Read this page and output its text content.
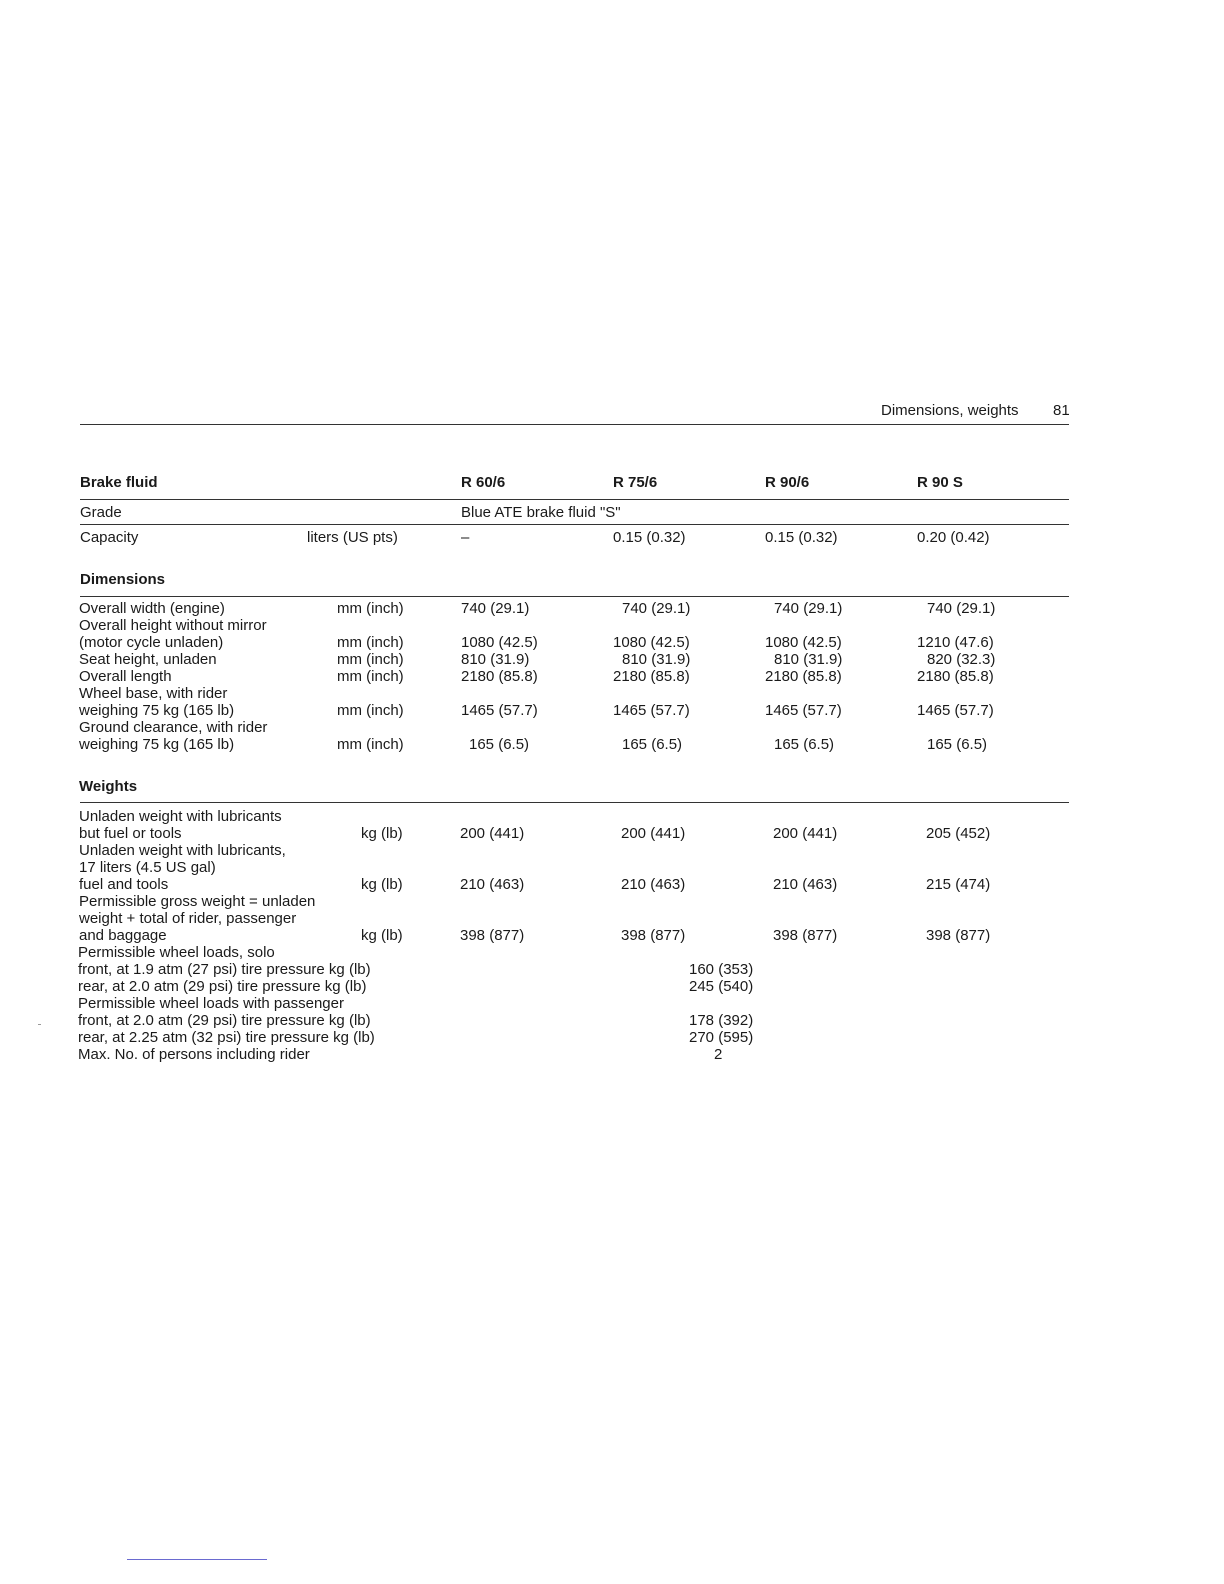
Dimensions, weights 81
Brake fluid	R 60/6	R 75/6	R 90/6	R 90 S
Grade	Blue ATE brake fluid "S"
Capacity	liters (US pts)	–	0.15 (0.32)	0.15 (0.32)	0.20 (0.42)
Dimensions
Overall width (engine)	mm (inch)	740 (29.1)	740 (29.1)	740 (29.1)	740 (29.1)
Overall height without mirror
(motor cycle unladen)	mm (inch)	1080 (42.5)	1080 (42.5)	1080 (42.5)	1210 (47.6)
Seat height, unladen	mm (inch)	810 (31.9)	810 (31.9)	810 (31.9)	820 (32.3)
Overall length	mm (inch)	2180 (85.8)	2180 (85.8)	2180 (85.8)	2180 (85.8)
Wheel base, with rider
weighing 75 kg (165 lb)	mm (inch)	1465 (57.7)	1465 (57.7)	1465 (57.7)	1465 (57.7)
Ground clearance, with rider
weighing 75 kg (165 lb)	mm (inch)	165 (6.5)	165 (6.5)	165 (6.5)	165 (6.5)
Weights
Unladen weight with lubricants
but fuel or tools	kg (lb)	200 (441)	200 (441)	200 (441)	205 (452)
Unladen weight with lubricants,
17 liters (4.5 US gal)
fuel and tools	kg (lb)	210 (463)	210 (463)	210 (463)	215 (474)
Permissible gross weight = unladen
weight + total of rider, passenger
and baggage	kg (lb)	398 (877)	398 (877)	398 (877)	398 (877)
Permissible wheel loads, solo
front, at 1.9 atm (27 psi) tire pressure kg (lb)	160 (353)
rear, at 2.0 atm (29 psi) tire pressure kg (lb)	245 (540)
Permissible wheel loads with passenger
front, at 2.0 atm (29 psi) tire pressure kg (lb)	178 (392)
rear, at 2.25 atm (32 psi) tire pressure kg (lb)	270 (595)
Max. No. of persons including rider	2
